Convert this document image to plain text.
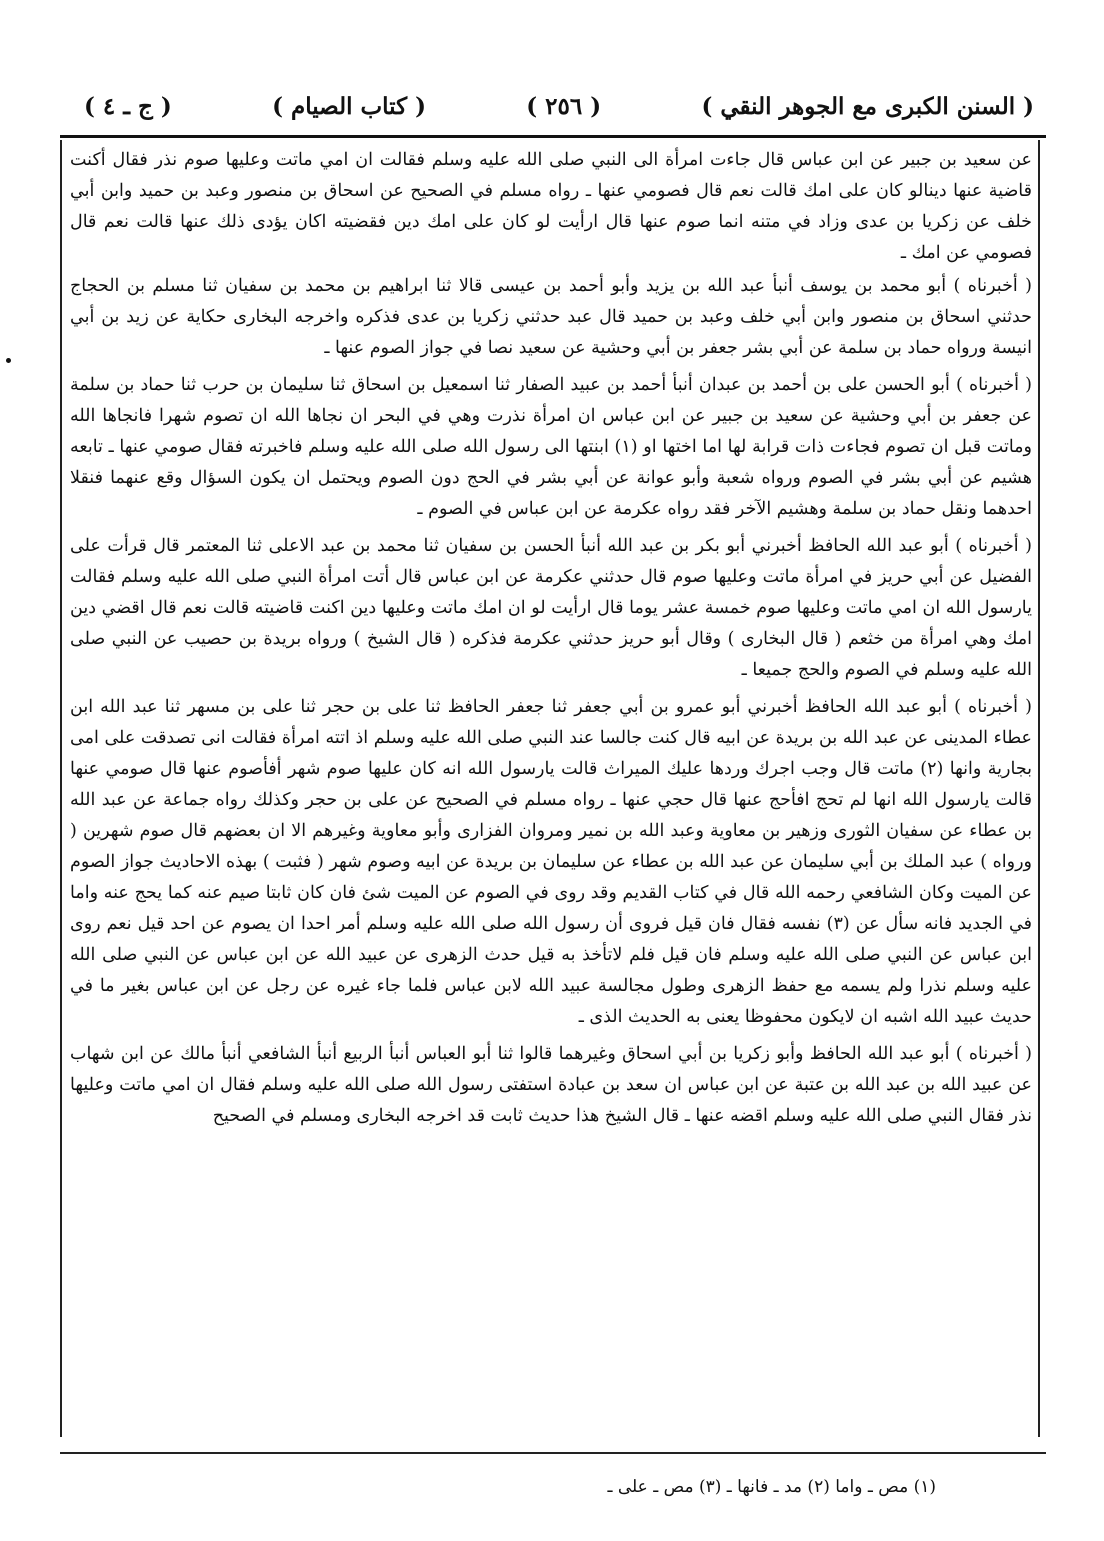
( السنن الكبرى مع الجوهر النقي )
( ٢٥٦ )
( كتاب الصيام )
( ج ـ ٤ )

عن سعيد بن جبير عن ابن عباس قال جاءت امرأة الى النبي صلى الله عليه وسلم فقالت ان امي ماتت وعليها صوم نذر فقال أكنت قاضية عنها دينالو كان على امك قالت نعم قال فصومي عنها ـ رواه مسلم في الصحيح عن اسحاق بن منصور وعبد بن حميد وابن أبي خلف عن زكريا بن عدى وزاد في متنه انما صوم عنها قال ارأيت لو كان على امك دين فقضيته اكان يؤدى ذلك عنها قالت نعم قال فصومي عن امك ـ

( أخبرناه ) أبو محمد بن يوسف أنبأ عبد الله بن يزيد وأبو أحمد بن عيسى قالا ثنا ابراهيم بن محمد بن سفيان ثنا مسلم بن الحجاج حدثني اسحاق بن منصور وابن أبي خلف وعبد بن حميد قال عبد حدثني زكريا بن عدى فذكره واخرجه البخارى حكاية عن زيد بن أبي انيسة ورواه حماد بن سلمة عن أبي بشر جعفر بن أبي وحشية عن سعيد نصا في جواز الصوم عنها ـ

( أخبرناه ) أبو الحسن على بن أحمد بن عبدان أنبأ أحمد بن عبيد الصفار ثنا اسمعيل بن اسحاق ثنا سليمان بن حرب ثنا حماد بن سلمة عن جعفر بن أبي وحشية عن سعيد بن جبير عن ابن عباس ان امرأة نذرت وهي في البحر ان نجاها الله ان تصوم شهرا فانجاها الله وماتت قبل ان تصوم فجاءت ذات قرابة لها اما اختها او (١) ابنتها الى رسول الله صلى الله عليه وسلم فاخبرته فقال صومي عنها ـ تابعه هشيم عن أبي بشر في الصوم ورواه شعبة وأبو عوانة عن أبي بشر في الحج دون الصوم ويحتمل ان يكون السؤال وقع عنهما فنقلا احدهما ونقل حماد بن سلمة وهشيم الآخر فقد رواه عكرمة عن ابن عباس في الصوم ـ

( أخبرناه ) أبو عبد الله الحافظ أخبرني أبو بكر بن عبد الله أنبأ الحسن بن سفيان ثنا محمد بن عبد الاعلى ثنا المعتمر قال قرأت على الفضيل عن أبي حريز في امرأة ماتت وعليها صوم قال حدثني عكرمة عن ابن عباس قال أتت امرأة النبي صلى الله عليه وسلم فقالت يارسول الله ان امي ماتت وعليها صوم خمسة عشر يوما قال ارأيت لو ان امك ماتت وعليها دين اكنت قاضيته قالت نعم قال اقضي دين امك وهي امرأة من خثعم ( قال البخارى ) وقال أبو حريز حدثني عكرمة فذكره ( قال الشيخ ) ورواه بريدة بن حصيب عن النبي صلى الله عليه وسلم في الصوم والحج جميعا ـ

( أخبرناه ) أبو عبد الله الحافظ أخبرني أبو عمرو بن أبي جعفر ثنا جعفر الحافظ ثنا على بن حجر ثنا على بن مسهر ثنا عبد الله ابن عطاء المدينى عن عبد الله بن بريدة عن ابيه قال كنت جالسا عند النبي صلى الله عليه وسلم اذ اتته امرأة فقالت انى تصدقت على امى بجارية وانها (٢) ماتت قال وجب اجرك وردها عليك الميراث قالت يارسول الله انه كان عليها صوم شهر أفأصوم عنها قال صومي عنها قالت يارسول الله انها لم تحج افأحج عنها قال حجي عنها ـ رواه مسلم في الصحيح عن على بن حجر وكذلك رواه جماعة عن عبد الله بن عطاء عن سفيان الثورى وزهير بن معاوية وعبد الله بن نمير ومروان الفزارى وأبو معاوية وغيرهم الا ان بعضهم قال صوم شهرين ( ورواه ) عبد الملك بن أبي سليمان عن عبد الله بن عطاء عن سليمان بن بريدة عن ابيه وصوم شهر ( فثبت ) بهذه الاحاديث جواز الصوم عن الميت وكان الشافعي رحمه الله قال في كتاب القديم وقد روى في الصوم عن الميت شئ فان كان ثابتا صيم عنه كما يحج عنه واما في الجديد فانه سأل عن (٣) نفسه فقال فان قيل فروى أن رسول الله صلى الله عليه وسلم أمر احدا ان يصوم عن احد قيل نعم روى ابن عباس عن النبي صلى الله عليه وسلم فان قيل فلم لاتأخذ به قيل حدث الزهرى عن عبيد الله عن ابن عباس عن النبي صلى الله عليه وسلم نذرا ولم يسمه مع حفظ الزهرى وطول مجالسة عبيد الله لابن عباس فلما جاء غيره عن رجل عن ابن عباس بغير ما في حديث عبيد الله اشبه ان لايكون محفوظا يعنى به الحديث الذى ـ

( أخبرناه ) أبو عبد الله الحافظ وأبو زكريا بن أبي اسحاق وغيرهما قالوا ثنا أبو العباس أنبأ الربيع أنبأ الشافعي أنبأ مالك عن ابن شهاب عن عبيد الله بن عبد الله بن عتبة عن ابن عباس ان سعد بن عبادة استفتى رسول الله صلى الله عليه وسلم فقال ان امي ماتت وعليها نذر فقال النبي صلى الله عليه وسلم اقضه عنها ـ قال الشيخ هذا حديث ثابت قد اخرجه البخارى ومسلم في الصحيح

(١) مص ـ واما (٢) مد ـ فانها ـ (٣) مص ـ على ـ
